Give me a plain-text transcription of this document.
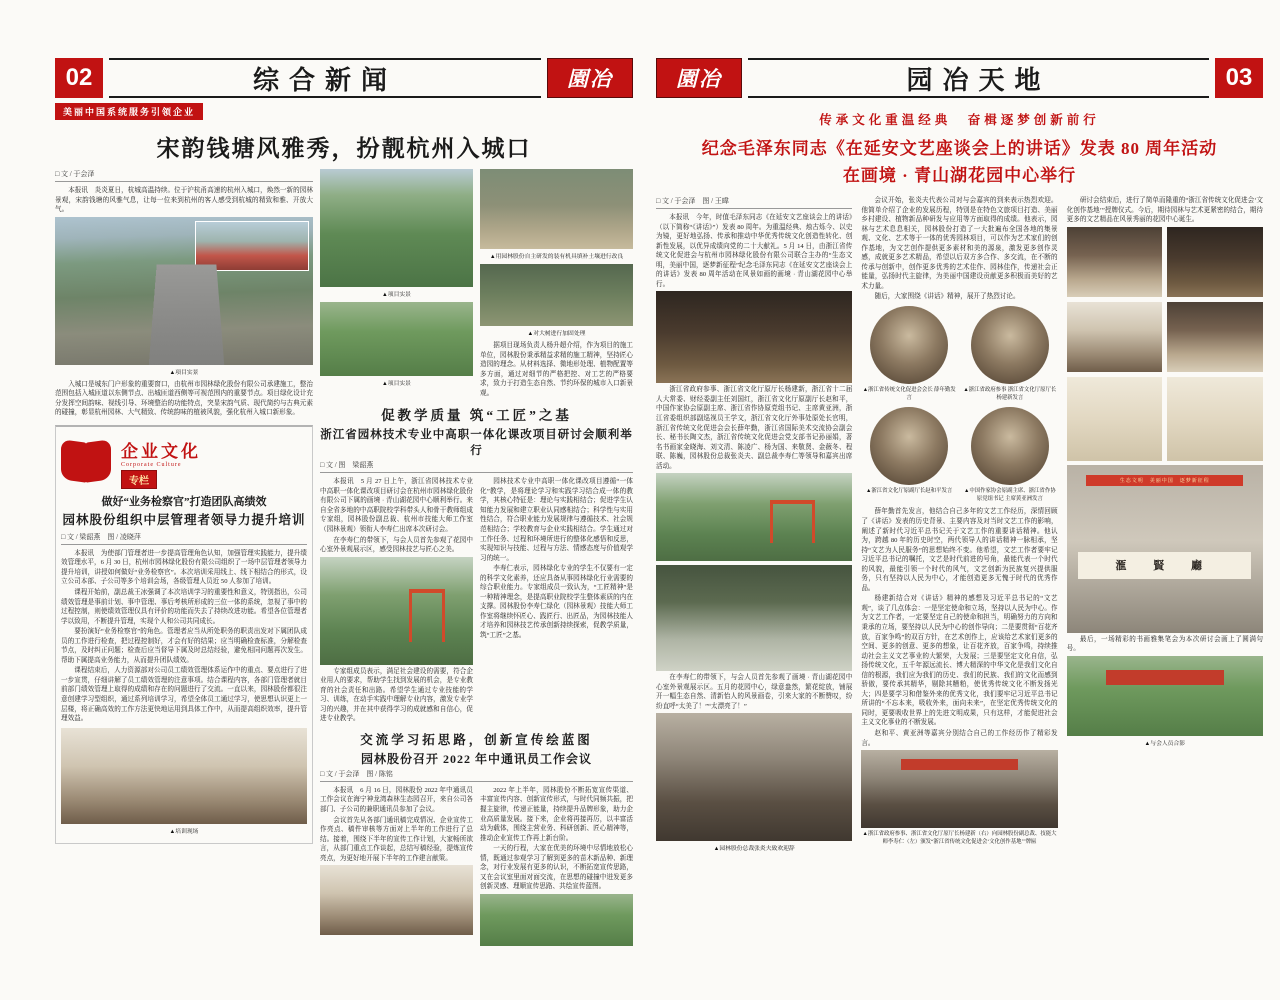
02	综合新闻	園冶
美丽中国系统服务引领企业
宋韵钱塘风雅秀，扮靓杭州入城口
□ 文 / 于会泽

本报讯　炎炎夏日，杭城高温持续。位于沪杭甬高速的杭州入城口，焕然一新的园林景观，宋韵钱塘的风雅气息，让每一位来到杭州的客人感受到杭城的精致和雅、开放大气。

▲项目实景

入城口是城东门户形象的重要窗口，由杭州市园林绿化股份有限公司承建施工，整治范围包括入城匝道以东侧节点、出城匝道西侧等可视范围内的重要节点。项目绿化设计充分发挥空间韵味、视线引导、环境整治的功能特点，突显宋韵气质、现代简约与古典元素的碰撞，彰显杭州园林、大气精致、传统韵味的植被风貌，强化杭州入城口新形象。

企业文化
Corporate Culture
专栏
做好“业务检察官”打造团队高绩效
园林股份组织中层管理者领导力提升培训
□ 文 / 梁韶燕　图 / 凌晓萍

本报讯　为使部门管理者进一步提高管理角色认知，加强管理实践能力，提升绩效管理水平，6 月 30 日，杭州市园林绿化股份有限公司组织了一场中层管理者领导力提升培训，讲授如何做好“业务检察官”。本次培训采用线上、线下相结合的形式，设立公司本部、子公司等多个培训会场，各级管理人员近 50 人参加了培训。

课程开始前，副总裁王冰强调了本次培训学习的重要性和意义，特别指出，公司绩效管理是事前计划、事中管理、事后考核所形成的三位一体的系统，忽视了事中的过程控制，则使绩效管理仅具有评价的功能而失去了持续改进功能。希望各位管理者学以致用，不断提升管理，实现个人和公司共同成长。

要扮演好“业务检察官”的角色。管理者应当从所处职务的职责出发对下属团队成员的工作进行检查，把过程控制好，才会有好的结果；应当明确检查标准，分解检查节点，及时纠正问题；检查后应当督导下属及时总结经验，避免相同问题再次发生。帮助下属提高业务能力，从而提升团队绩效。

课程结束后，人力资源部对公司员工绩效管理体系运作中的重点、要点进行了进一步宣贯，仔细讲解了员工绩效管理的注意事项。结合课程内容，各部门管理者就目前部门绩效管理上取得的成绩和存在的问题进行了交流。一直以来，园林股份都很注意创建学习型组织，通过系列培训学习，希望全体员工通过学习，使思想认识更上一层楼，将正确高效的工作方法更快地运用到具体工作中，从而提高组织效率，提升管理效益。

▲培训现场
▲项目实景
▲项目实景
▲用园林股份自主研发的装有机具填补土壤进行改良
▲对大树进行加固处理

据项目现场负责人杨升超介绍，作为项目的施工单位，园林股份秉承精益求精的施工精神，坚持匠心造园的理念。从材料选择、微地形处理、植物配置等多方面，通过对细节的严格把控、对工艺的严格要求，致力于打造生态自然、节约环保的城市入口新景观。

促教学质量 筑“工匠”之基
浙江省园林技术专业中高职一体化课改项目研讨会顺利举行
□ 文 / 图　梁韶燕

本报讯　5 月 27 日上午，浙江省园林技术专业中高职一体化课改项目研讨会在杭州市园林绿化股份有限公司下属的画境 · 青山湖花园中心顺利举行。来自全省多地的中高职院校学科带头人和骨干教师组成专家组，园林股份副总裁、杭州市技能大师工作室（园林景观）领衔人李寿仁出席本次研讨会。

在李寿仁的带领下，与会人员首先参观了花园中心室外景观展示区，感受园林技艺与匠心之美。

专家组成员表示，满足社会建设的需要，符合企业用人的要求，帮助学生找到发展的机会，是专业教育的社会责任和出路。希望学生通过专业技能的学习、训练，在动手实践中理解专业内容，激发专业学习的兴趣，并在其中获得学习的成就感和自信心，促进专业教学。

园林技术专业中高职一体化课改项目遵循“一体化”教学，是将理论学习和实践学习结合成一体的教学，其核心特征是：理论与实践相结合；促进学生认知能力发展和建立职业认同感相结合；科学性与实用性结合，符合职业能力发展规律与遵循技术、社会规范相结合；学校教育与企业实践相结合。学生通过对工作任务、过程和环境所进行的整体化感悟和反思，实现知识与技能、过程与方法、情感态度与价值观学习的统一。

李寿仁表示，园林绿化专业的学生不仅要有一定的科学文化素养，还应具备从事园林绿化行业需要的综合职业能力。专家组成员一致认为，“工匠精神”是一种精神理念，是提高职业院校学生整体素质的内在支撑。园林股份李寿仁绿化（园林景观）技能大师工作室将继续怀匠心、践匠行、出匠品，为园林技能人才培养和园林技艺传承创新持续探索，促教学质量，筑“工匠”之基。

交流学习拓思路，创新宣传绘蓝图
园林股份召开 2022 年中通讯员工作会议
□ 文 / 于会泽　图 / 陈铭

本报讯　6 月 16 日，园林股份 2022 年中通讯员工作会议在海宁神龙湾森林生态园召开，来自公司各部门、子公司的兼职通讯员参加了会议。

会议首先从各部门通讯稿完成情况、企业宣传工作亮点、稿件审核等方面对上半年的工作进行了总结。接着，围绕下半年的宣传工作计划，大家畅所欲言，从部门重点工作谈起，总结写稿经验，提炼宣传亮点，为更好地开展下半年的工作建言献策。

2022 年上半年，园林股份不断拓宽宣传渠道、丰富宣传内容、创新宣传形式，与时代同频共振，把握主旋律，传递正能量，持续提升品牌形象，助力企业高质量发展。接下来，企业将再接再厉，以丰富活动为载体，围绕主营业务、科研创新、匠心精神等，推动企业宣传工作再上新台阶。

一天的行程，大家在优美的环境中尽情地放松心情，既通过参观学习了解到更多的苗木新品种、新理念，对行业发展有更多的认识，不断拓宽宣传思路，又在会议室里面对面交流，在思想的碰撞中迸发更多创新灵感、理顺宣传思路、共绘宣传蓝图。

園冶	园冶天地	03
传承文化重温经典　奋楫逐梦创新前行
纪念毛泽东同志《在延安文艺座谈会上的讲话》发表 80 周年活动
在画境 · 青山湖花园中心举行
□ 文 / 于会泽　图 / 王暐

本报讯　今年，时值毛泽东同志《在延安文艺座谈会上的讲话》（以下简称“《讲话》”）发表 80 周年。为重温经典、烛古烁今、以史为镜，更好地弘扬、传承和推动中华优秀传统文化创造性转化、创新性发展，以优异成绩向党的二十大献礼。5 月 14 日，由浙江省传统文化促进会与杭州市园林绿化股份有限公司联合主办的“生态文明，美丽中国，逐梦新征程”纪念毛泽东同志《在延安文艺座谈会上的讲话》发表 80 周年活动在风景如画的画境 · 青山湖花园中心举行。

浙江省政府参事、浙江省文化厅原厅长杨建新，浙江省十二届人大常委、财经委副主任刘国红，浙江省文化厅原副厅长赵和平，中国作家协会原副主席、浙江省作协原党组书记、主席黄亚洲，浙江省委组织部副巡视员王学文，浙江省文化厅外事处原处长官明，浙江省传统文化促进会会长薛年勤，浙江省国际美术交流协会副会长、秘书长陶文杰，浙江省传统文化促进会党支部书记孙丽娟，著名书画家金晓海、刘文清、陈凌广、杨为国、来敬贤、金薇冬、程联、陈巍，园林股份总裁张炎夫、副总裁李寿仁等领导和嘉宾出席活动。

在李寿仁的带领下，与会人员首先参观了画境 · 青山湖花园中心室外景观展示区。五月的花园中心，绿意盎然，繁花绽放，铺展开一幅生态自然、清新怡人的风景画卷，引来大家的不断赞叹，纷纷直呼“太美了！”“太漂亮了！”

▲园林股份总裁张炎夫致欢迎辞

会议开始，张炎夫代表公司对与会嘉宾的到来表示热烈欢迎。他简单介绍了企业的发展历程，特别是在特色文旅项目打造、美丽乡村建设、植物新品种研发与应用等方面取得的成绩。他表示，园林与艺术息息相关，园林股份打造了一大批遍布全国各地的集景观、文化、艺术等于一体的优秀园林项目，可以作为艺术家们的创作基地，为文艺创作提供更多素材和美的源泉，激发更多创作灵感，成就更多艺术精品，希望以后双方多合作、多交流，在不断的传承与创新中，创作更多优秀的艺术佳作、园林佳作，传递社会正能量，弘扬时代主旋律，为美丽中国建设贡献更多积极而美好的艺术力量。

随后，大家围绕《讲话》精神，展开了热烈讨论。

▲浙江省传统文化促进会会长 薛年勤发言
▲浙江省政府参事 浙江省文化厅原厅长杨建新发言
▲浙江省文化厅原副厅长赵和平发言	▲中国作家协会原副主席、浙江省作协原党组书记 主席黄亚洲发言

薛年勤首先发言，他结合自己多年的文艺工作经历，深情回顾了《讲话》发表的历史背景、主要内容及对当时文艺工作的影响，阐述了新时代习近平总书记关于文艺工作的重要讲话精神。他认为，跨越 80 年的历史时空，两代领导人的讲话精神一脉相承，坚持“文艺为人民服务”的思想始终不变。他希望，文艺工作者要牢记习近平总书记的嘱托，文艺是时代前进的号角，最能代表一个时代的风貌，最能引领一个时代的风气，文艺创新为民族复兴提供服务，只有坚持以人民为中心，才能创造更多无愧于时代的优秀作品。

杨建新结合对《讲话》精神的感想及习近平总书记的“文艺观”，谈了几点体会：一是坚定使命和立场，坚持以人民为中心。作为文艺工作者，一定要坚定自己的使命和担当，明确努力的方向和秉承的立场，要坚持以人民为中心的创作导向；二是要贯彻“百花齐放，百家争鸣”的双百方针，在艺术创作上，应该给艺术家们更多的空间、更多的创意、更多的想象，让百花齐放，百家争鸣，持续推动社会主义文艺事业的大繁荣，大发展；三是要坚定文化自信，弘扬传统文化，五千年源远流长、博大精深的中华文化是我们文化自信的根源，我们应为我们的历史、我们的民族、我们的文化而感到骄傲，要传承其精华，剔除其糟粕，使优秀传统文化不断发扬光大；四是要学习和借鉴外来的优秀文化，我们要牢记习近平总书记所讲的“不忘本来，吸收外来，面向未来”，在坚定优秀传统文化的同时，更要吸收世界上的先进文明成果，只有这样，才能促进社会主义文化事业的不断发展。

赵和平、黄亚洲等嘉宾分别结合自己的工作经历作了精彩发言。

▲浙江省政府参事、浙江省文化厅原厅长杨建新（右）向园林股份副总裁、技能大师李寿仁（左）颁发“浙江省传统文化促进会‘文化创作基地’”牌匾

研讨会结束后，进行了简单而隆重的“浙江省传统文化促进会‘文化创作基地’”授牌仪式。今后，期待园林与艺术更紧密的结合，期待更多的文艺精品在风景秀丽的花园中心诞生。

生态文明　美丽中国　逐梦新征程
滙 賢 廳

最后，一场精彩的书画雅集笔会为本次研讨会画上了圆满句号。

▲与会人员合影
